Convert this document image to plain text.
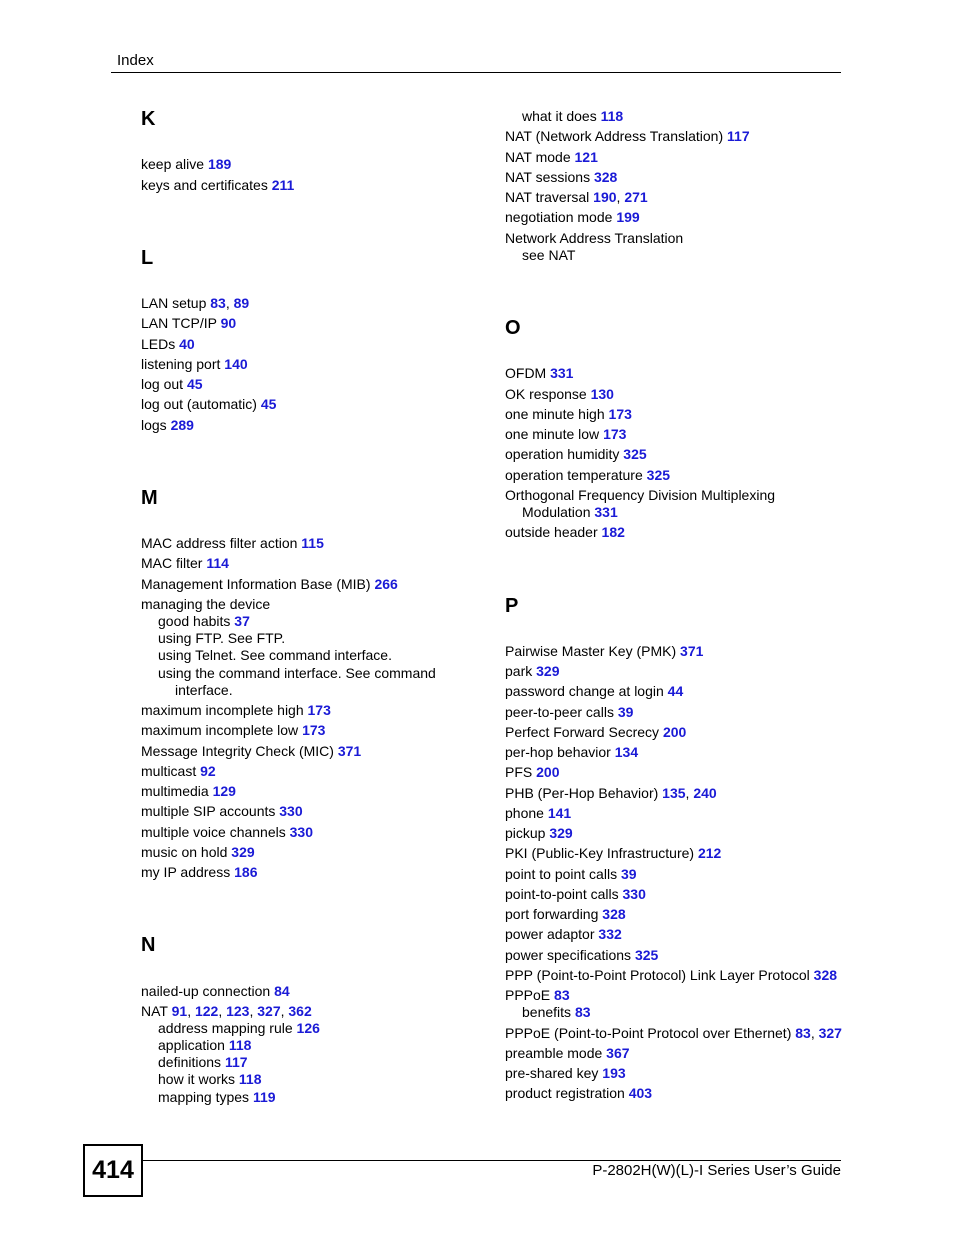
Index
K
keep alive 189
keys and certificates 211
L
LAN setup 83, 89
LAN TCP/IP 90
LEDs 40
listening port 140
log out 45
log out (automatic) 45
logs 289
M
MAC address filter action 115
MAC filter 114
Management Information Base (MIB) 266
managing the device
good habits 37
using FTP. See FTP.
using Telnet. See command interface.
using the command interface. See command
interface.
maximum incomplete high 173
maximum incomplete low 173
Message Integrity Check (MIC) 371
multicast 92
multimedia 129
multiple SIP accounts 330
multiple voice channels 330
music on hold 329
my IP address 186
N
nailed-up connection 84
NAT 91, 122, 123, 327, 362
address mapping rule 126
application 118
definitions 117
how it works 118
mapping types 119
what it does 118
NAT (Network Address Translation) 117
NAT mode 121
NAT sessions 328
NAT traversal 190, 271
negotiation mode 199
Network Address Translation
see NAT
O
OFDM 331
OK response 130
one minute high 173
one minute low 173
operation humidity 325
operation temperature 325
Orthogonal Frequency Division Multiplexing
Modulation 331
outside header 182
P
Pairwise Master Key (PMK) 371
park 329
password change at login 44
peer-to-peer calls 39
Perfect Forward Secrecy 200
per-hop behavior 134
PFS 200
PHB (Per-Hop Behavior) 135, 240
phone 141
pickup 329
PKI (Public-Key Infrastructure) 212
point to point calls 39
point-to-point calls 330
port forwarding 328
power adaptor 332
power specifications 325
PPP (Point-to-Point Protocol) Link Layer Protocol 328
PPPoE 83
benefits 83
PPPoE (Point-to-Point Protocol over Ethernet) 83, 327
preamble mode 367
pre-shared key 193
product registration 403
414	P-2802H(W)(L)-I Series User’s Guide
